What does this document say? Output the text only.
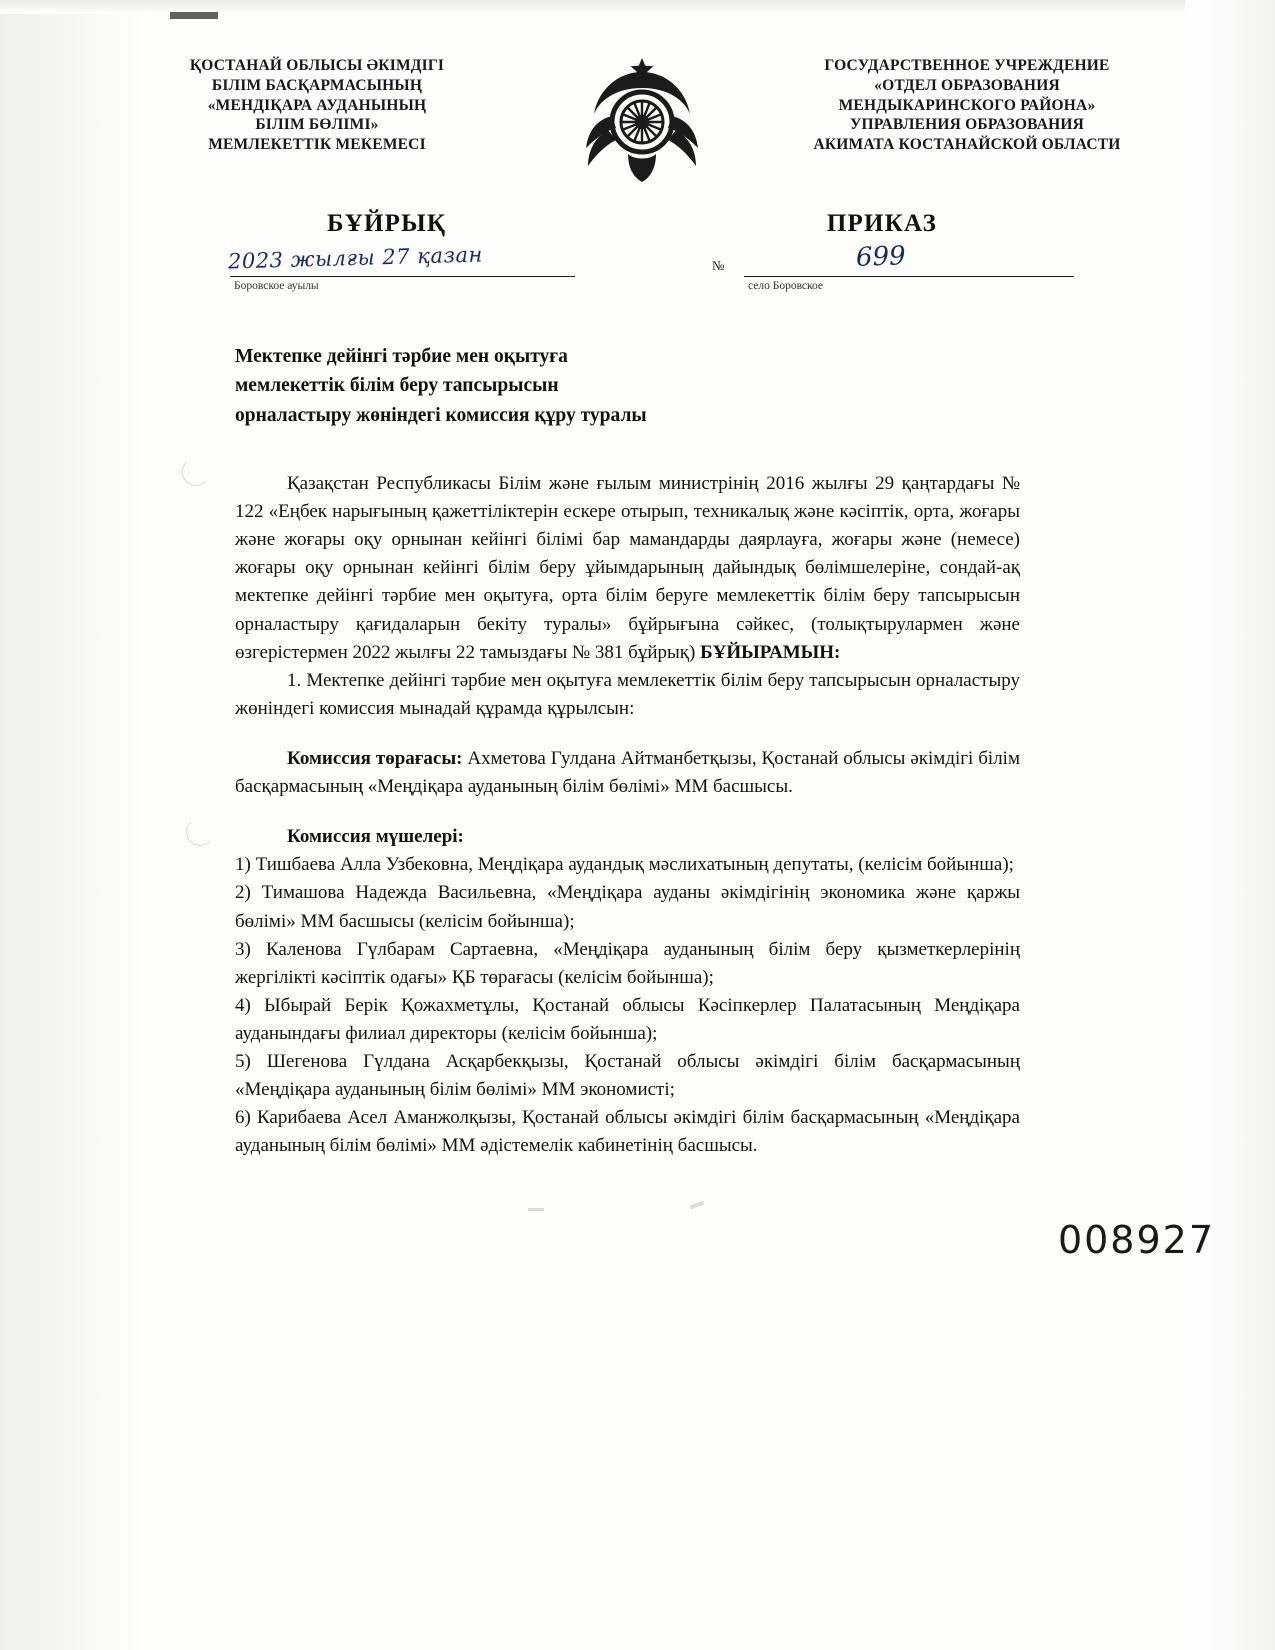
ҚОСТАНАЙ ОБЛЫСЫ ӘКІМДІГІ
БІЛІМ БАСҚАРМАСЫНЫҢ
«МЕНДІҚАРА АУДАНЫНЫҢ
БІЛІМ БӨЛІМІ»
МЕМЛЕКЕТТІК МЕКЕМЕСІ
ГОСУДАРСТВЕННОЕ УЧРЕЖДЕНИЕ
«ОТДЕЛ ОБРАЗОВАНИЯ
МЕНДЫКАРИНСКОГО РАЙОНА»
УПРАВЛЕНИЯ ОБРАЗОВАНИЯ
АКИМАТА КОСТАНАЙСКОЙ ОБЛАСТИ
БҰЙРЫҚ	ПРИКАЗ
2023 жылғы 27 қазан
Боровское ауылы
№	699
село Боровское
Мектепке дейінгі тәрбие мен оқытуға
мемлекеттік білім беру тапсырысын
орналастыру жөніндегі комиссия құру туралы

Қазақстан Республикасы Білім және ғылым министрінің 2016 жылғы 29 қаңтардағы № 122 «Еңбек нарығының қажеттіліктерін ескере отырып, техникалық және кәсіптік, орта, жоғары және жоғары оқу орнынан кейінгі білімі бар мамандарды даярлауға, жоғары және (немесе) жоғары оқу орнынан кейінгі білім беру ұйымдарының дайындық бөлімшелеріне, сондай-ақ мектепке дейінгі тәрбие мен оқытуға, орта білім беруге мемлекеттік білім беру тапсырысын орналастыру қағидаларын бекіту туралы» бұйрығына сәйкес, (толықтырулармен және өзгерістермен 2022 жылғы 22 тамыздағы № 381 бұйрық) БҰЙЫРАМЫН:

1. Мектепке дейінгі тәрбие мен оқытуға мемлекеттік білім беру тапсырысын орналастыру жөніндегі комиссия мынадай құрамда құрылсын:

Комиссия төрағасы: Ахметова Гулдана Айтманбетқызы, Қостанай облысы әкімдігі білім басқармасының «Меңдіқара ауданының білім бөлімі» ММ басшысы.

Комиссия мүшелері:

1) Тишбаева Алла Узбековна, Меңдіқара аудандық мәслихатының депутаты, (келісім бойынша);

2) Тимашова Надежда Васильевна, «Меңдіқара ауданы әкімдігінің экономика және қаржы бөлімі» ММ басшысы (келісім бойынша);

3) Каленова Гүлбарам Сартаевна, «Меңдіқара ауданының білім беру қызметкерлерінің жергілікті кәсіптік одағы» ҚБ төрағасы (келісім бойынша);

4) Ыбырай Берік Қожахметұлы, Қостанай облысы Кәсіпкерлер Палатасының Меңдіқара ауданындағы филиал директоры (келісім бойынша);

5) Шегенова Гүлдана Асқарбекқызы, Қостанай облысы әкімдігі білім басқармасының «Меңдіқара ауданының білім бөлімі» ММ экономисті;

6) Карибаева Асел Аманжолқызы, Қостанай облысы әкімдігі білім басқармасының «Меңдіқара ауданының білім бөлімі» ММ әдістемелік кабинетінің басшысы.

008927
